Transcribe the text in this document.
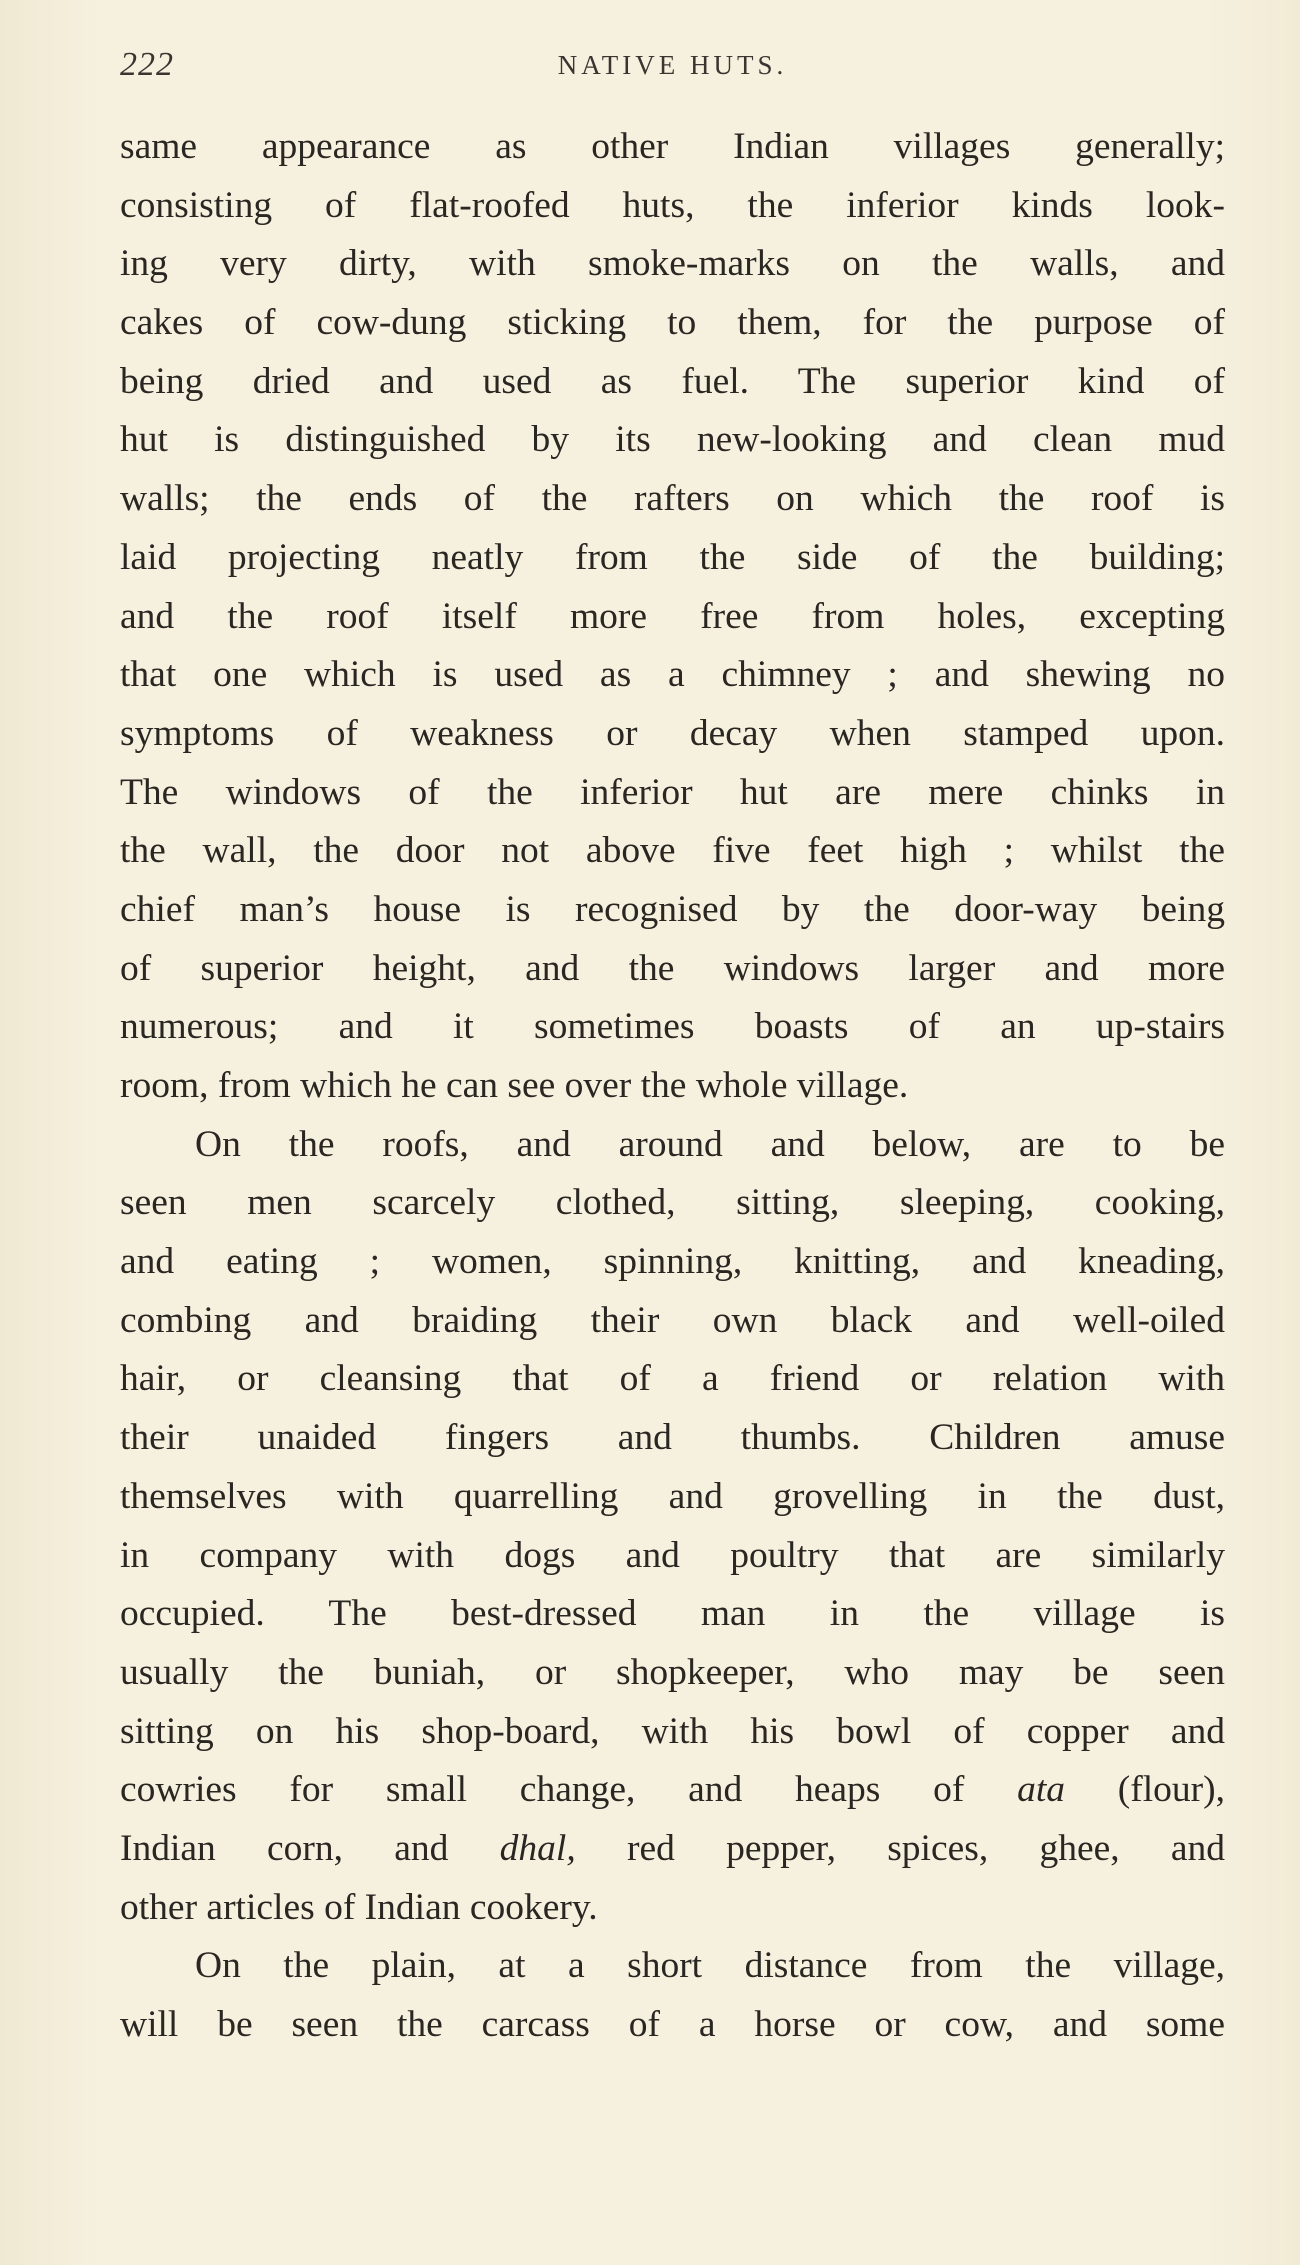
222	NATIVE HUTS.
same appearance as other Indian villages generally;
consisting of flat-roofed huts, the inferior kinds look-
ing very dirty, with smoke-marks on the walls, and
cakes of cow-dung sticking to them, for the purpose of
being dried and used as fuel. The superior kind of
hut is distinguished by its new-looking and clean mud
walls; the ends of the rafters on which the roof is
laid projecting neatly from the side of the building;
and the roof itself more free from holes, excepting
that one which is used as a chimney ; and shewing no
symptoms of weakness or decay when stamped upon.
The windows of the inferior hut are mere chinks in
the wall, the door not above five feet high ; whilst the
chief man’s house is recognised by the door-way being
of superior height, and the windows larger and more
numerous; and it sometimes boasts of an up-stairs
room, from which he can see over the whole village.
On the roofs, and around and below, are to be
seen men scarcely clothed, sitting, sleeping, cooking,
and eating ; women, spinning, knitting, and kneading,
combing and braiding their own black and well-oiled
hair, or cleansing that of a friend or relation with
their unaided fingers and thumbs. Children amuse
themselves with quarrelling and grovelling in the dust,
in company with dogs and poultry that are similarly
occupied. The best-dressed man in the village is
usually the buniah, or shopkeeper, who may be seen
sitting on his shop-board, with his bowl of copper and
cowries for small change, and heaps of ata (flour),
Indian corn, and dhal, red pepper, spices, ghee, and
other articles of Indian cookery.
On the plain, at a short distance from the village,
will be seen the carcass of a horse or cow, and some
